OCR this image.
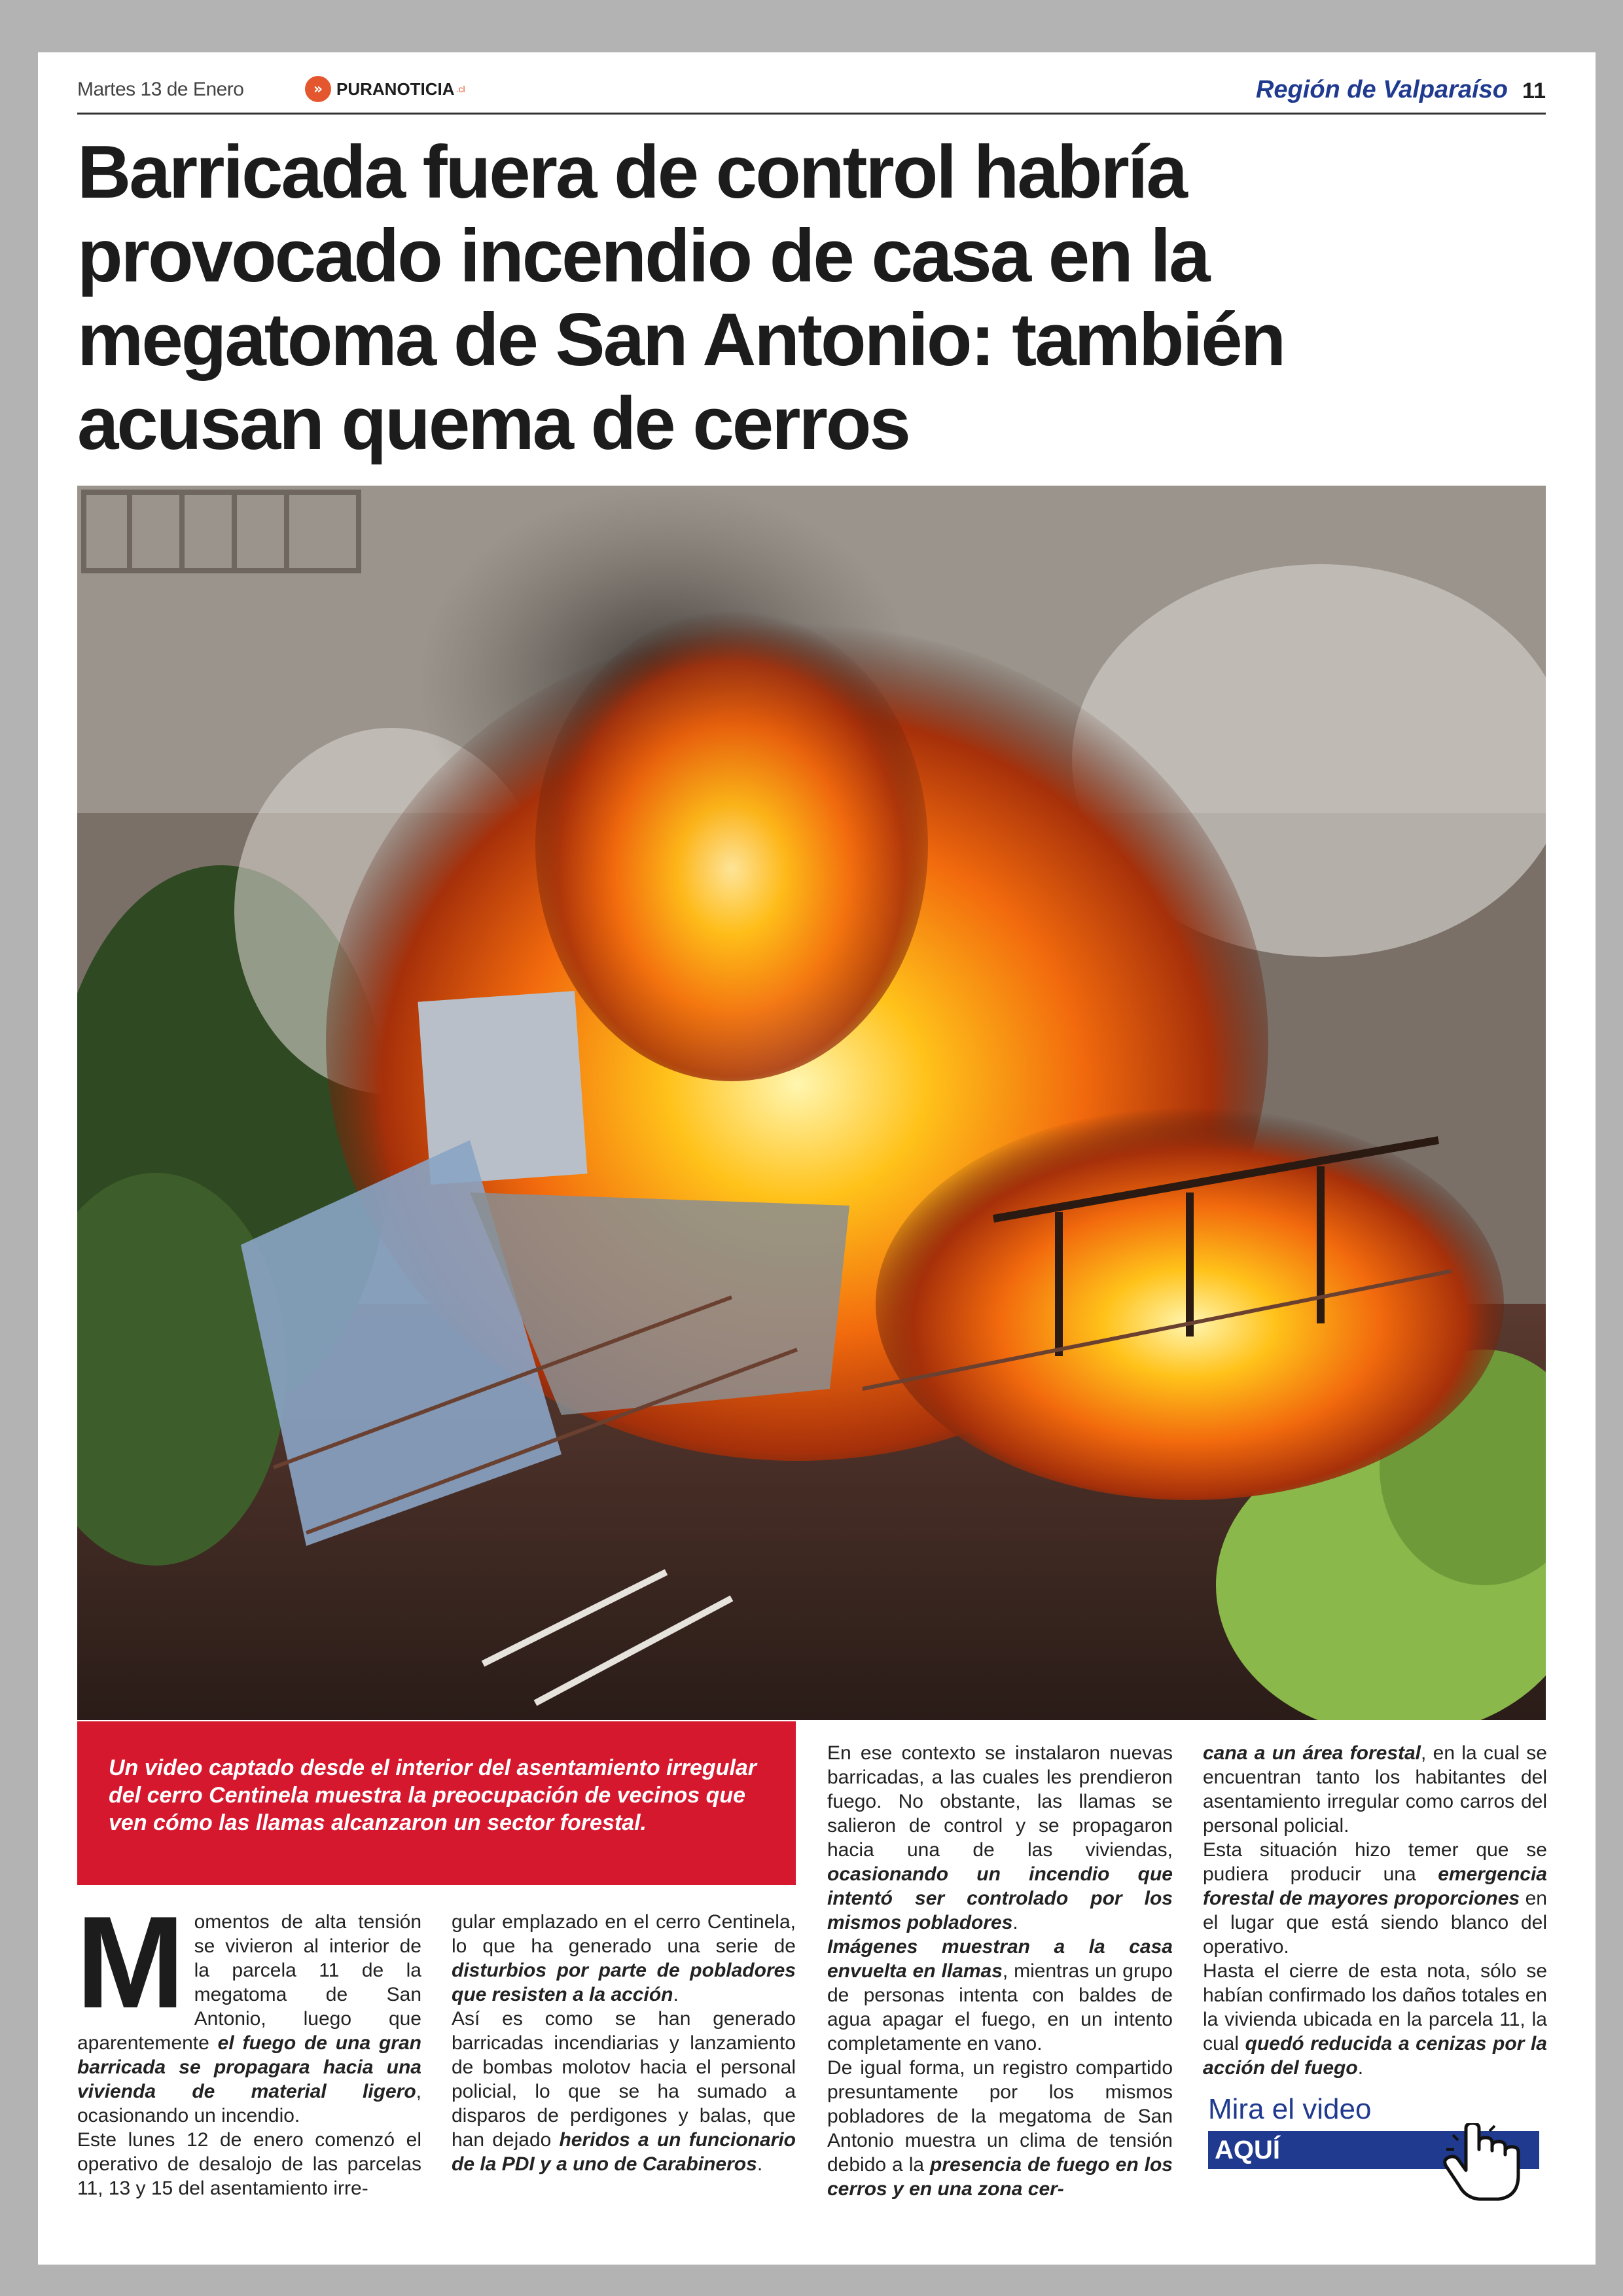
Martes 13 de Enero	» PURANOTICIA .cl	Región de Valparaíso 11
Barricada fuera de control habría provocado incendio de casa en la megatoma de San Antonio: también acusan quema de cerros
Un video captado desde el interior del asentamiento irregular del cerro Centinela muestra la preocupación de vecinos que ven cómo las llamas alcanzaron un sector forestal.

Momentos de alta tensión se vivieron al interior de la parcela 11 de la megatoma de San Antonio, luego que aparentemente el fuego de una gran barricada se propagara hacia una vivienda de material ligero, ocasionando un incendio.

Este lunes 12 de enero comenzó el operativo de desalojo de las parcelas 11, 13 y 15 del asentamiento irre-

gular emplazado en el cerro Centinela, lo que ha generado una serie de disturbios por parte de pobladores que resisten a la acción.

Así es como se han generado barricadas incendiarias y lanzamiento de bombas molotov hacia el personal policial, lo que se ha sumado a disparos de perdigones y balas, que han dejado heridos a un funcionario de la PDI y a uno de Carabineros.

En ese contexto se instalaron nuevas barricadas, a las cuales les prendieron fuego. No obstante, las llamas se salieron de control y se propagaron hacia una de las viviendas, ocasionando un incendio que intentó ser controlado por los mismos pobladores.

Imágenes muestran a la casa envuelta en llamas, mientras un grupo de personas intenta con baldes de agua apagar el fuego, en un intento completamente en vano.

De igual forma, un registro compartido presuntamente por los mismos pobladores de la megatoma de San Antonio muestra un clima de tensión debido a la presencia de fuego en los cerros y en una zona cer-

cana a un área forestal, en la cual se encuentran tanto los habitantes del asentamiento irregular como carros del personal policial.

Esta situación hizo temer que se pudiera producir una emergencia forestal de mayores proporciones en el lugar que está siendo blanco del operativo.

Hasta el cierre de esta nota, sólo se habían confirmado los daños totales en la vivienda ubicada en la parcela 11, la cual quedó reducida a cenizas por la acción del fuego.

Mira el video
AQUÍ
